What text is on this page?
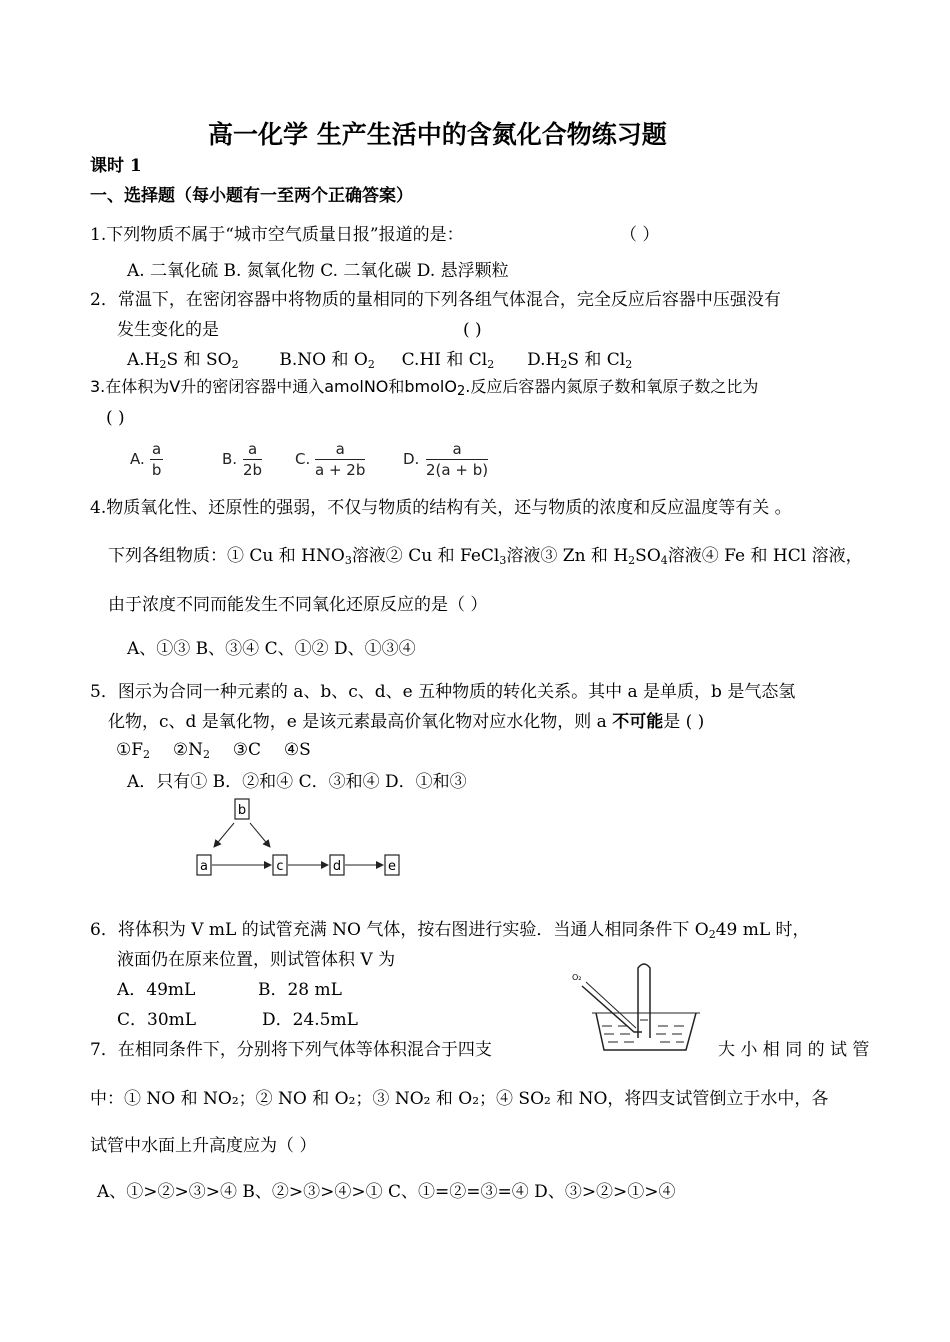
高一化学 生产生活中的含氮化合物练习题
课时 1
一、选择题（每小题有一至两个正确答案）
1.下列物质不属于“城市空气质量日报”报道的是：	（ ）
A. 二氧化硫 B. 氮氧化物 C. 二氧化碳 D. 悬浮颗粒
2．常温下，在密闭容器中将物质的量相同的下列各组气体混合，完全反应后容器中压强没有
发生变化的是	( )
$A.H_2S$ 和 $SO_2$ B.NO 和 $O_2$ C.HI 和 $Cl_2$ $D.H_2S$ 和 $Cl_2$
3.在体积为V升的密闭容器中通入amolNO和bmolO$_2$.反应后容器内氮原子数和氧原子数之比为
( )
A. $\frac{a}{b}$	B. $\frac{a}{2b} C$. $\frac{a}{a + 2b}$	D. $\frac{a}{2(a + b)}$
4.物质氧化性、还原性的强弱，不仅与物质的结构有关，还与物质的浓度和反应温度等有关 。
下列各组物质：① Cu 和 $HNO_3$溶液② Cu 和 FeCl$_3$溶液③ Zn 和 $H_2SO_4$溶液④ Fe 和 HCl 溶液，
由于浓度不同而能发生不同氧化还原反应的是（ ）
A、①③ B、③④ C、①② D、①③④
5．图示为合同一种元素的 a、b、c、d、e 五种物质的转化关系。其中 a 是单质，b 是气态氢
化物，c、d 是氧化物，e 是该元素最高价氧化物对应水化物，则 a 不可能是 ( )
$①F_2$ $②N_2$ ③C ④S
A．只有① B．②和④ C．③和④ D．①和③
b
a	c	d	e
6．将体积为 V mL 的试管充满 NO 气体，按右图进行实验．当通人相同条件下 $O_249$ mL 时，
液面仍在原来位置，则试管体积 V 为
A．49mL	B．28 mL
C．30mL	D．24.5mL
O₂
7．在相同条件下，分别将下列气体等体积混合于四支	大 小 相 同 的 试 管
中：① NO 和 NO₂；② NO 和 O₂；③ NO₂ 和 O₂；④ SO₂ 和 NO，将四支试管倒立于水中，各
试管中水面上升高度应为（ ）
A、①>②>③>④ B、②>③>④>① C、①=②=③=④ D、③>②>①>④
